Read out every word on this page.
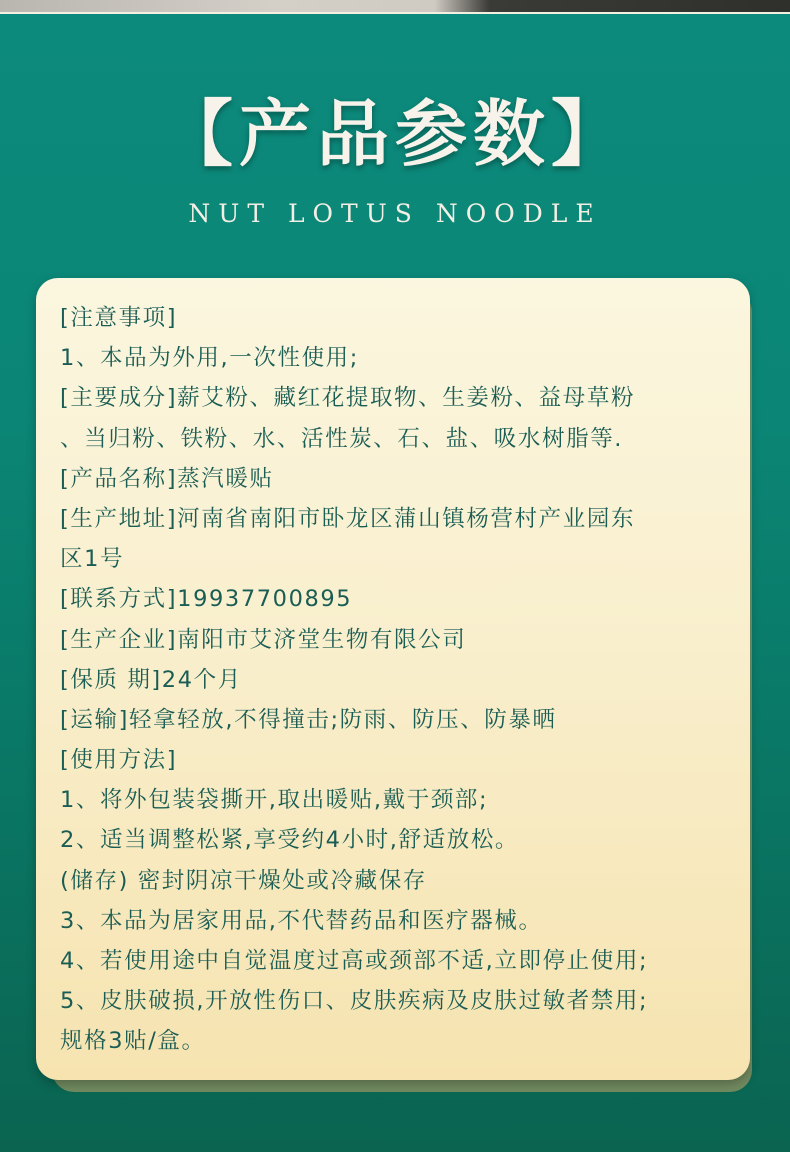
【产品参数】
NUT LOTUS NOODLE
[注意事项]
1、本品为外用,一次性使用;
[主要成分]薪艾粉、藏红花提取物、生姜粉、益母草粉
、当归粉、铁粉、水、活性炭、石、盐、吸水树脂等.
[产品名称]蒸汽暖贴
[生产地址]河南省南阳市卧龙区蒲山镇杨营村产业园东
区1号
[联系方式]19937700895
[生产企业]南阳市艾济堂生物有限公司
[保质 期]24个月
[运输]轻拿轻放,不得撞击;防雨、防压、防暴晒
[使用方法]
1、将外包装袋撕开,取出暖贴,戴于颈部;
2、适当调整松紧,享受约4小时,舒适放松。
(储存) 密封阴凉干燥处或冷藏保存
3、本品为居家用品,不代替药品和医疗器械。
4、若使用途中自觉温度过高或颈部不适,立即停止使用;
5、皮肤破损,开放性伤口、皮肤疾病及皮肤过敏者禁用;
规格3贴/盒。
